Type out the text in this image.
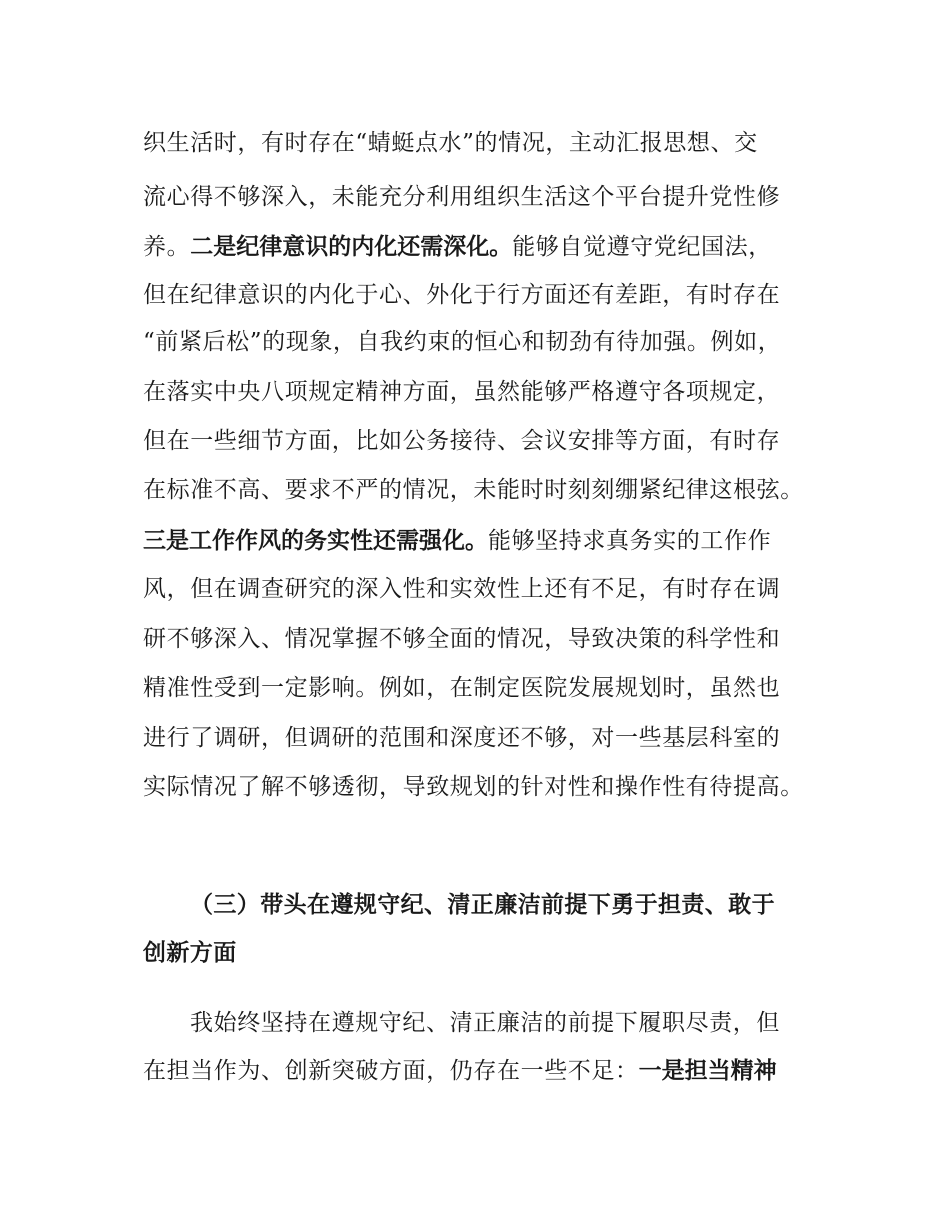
织生活时，有时存在“蜻蜓点水”的情况，主动汇报思想、交
流心得不够深入，未能充分利用组织生活这个平台提升党性修
养。二是纪律意识的内化还需深化。能够自觉遵守党纪国法，
但在纪律意识的内化于心、外化于行方面还有差距，有时存在
“前紧后松”的现象，自我约束的恒心和韧劲有待加强。例如，
在落实中央八项规定精神方面，虽然能够严格遵守各项规定，
但在一些细节方面，比如公务接待、会议安排等方面，有时存
在标准不高、要求不严的情况，未能时时刻刻绷紧纪律这根弦。
三是工作作风的务实性还需强化。能够坚持求真务实的工作作
风，但在调查研究的深入性和实效性上还有不足，有时存在调
研不够深入、情况掌握不够全面的情况，导致决策的科学性和
精准性受到一定影响。例如，在制定医院发展规划时，虽然也
进行了调研，但调研的范围和深度还不够，对一些基层科室的
实际情况了解不够透彻，导致规划的针对性和操作性有待提高。
（三）带头在遵规守纪、清正廉洁前提下勇于担责、敢于
创新方面
我始终坚持在遵规守纪、清正廉洁的前提下履职尽责，但
在担当作为、创新突破方面，仍存在一些不足：一是担当精神
